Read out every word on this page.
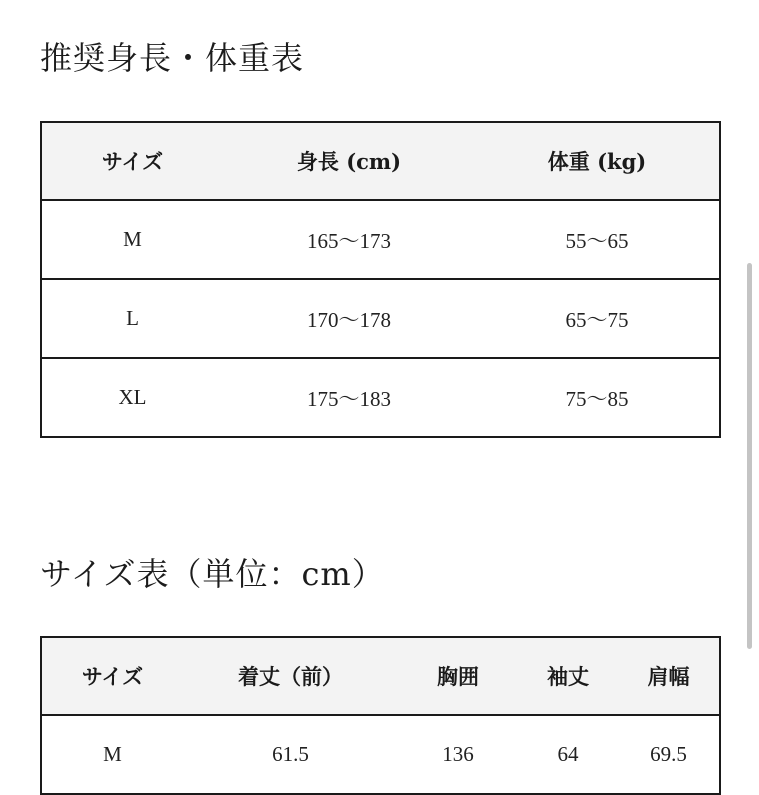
推奨身長・体重表
サイズ	身長 (cm)	体重 (kg)
M	165〜173	55〜65
L	170〜178	65〜75
XL	175〜183	75〜85
サイズ表（単位：cm）
サイズ	着丈（前）	胸囲	袖丈	肩幅
M	61.5	136	64	69.5
